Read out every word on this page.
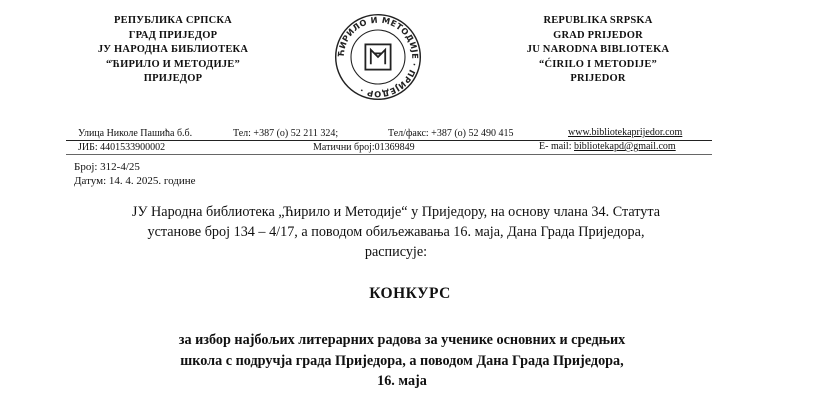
РЕПУБЛИКА СРПСКА
ГРАД ПРИЈЕДОР
ЈУ НАРОДНА БИБЛИОТЕКА
“ЋИРИЛО И МЕТОДИЈЕ”
ПРИЈЕДОР
ЋИРИЛО И МЕТОДИЈЕ · ПРИЈЕДОР ·
REPUBLIKA SRPSKA
GRAD PRIJEDOR
JU NARODNA BIBLIOTEKA
“ĆIRILO I METODIJE”
PRIJEDOR
Улица Николе Пашића б.б.	Тел: +387 (o) 52 211 324;	Тел/факс: +387 (o) 52 490 415	www.bibliotekaprijedor.com
ЈИБ: 4401533900002	Матични број:01369849	E- mail: bibliotekapd@gmail.com
Број: 312-4/25
Датум: 14. 4. 2025. године
ЈУ Народна библиотека „Ћирило и Методије“ у Приједору, на основу члана 34. Статута
установе број 134 – 4/17, а поводом обиљежавања 16. маја, Дана Града Приједора,
расписује:
КОНКУРС
за избор најбољих литерарних радова за ученике основних и средњих
школа с подручја града Приједора, а поводом Дана Града Приједора,
16. маја
